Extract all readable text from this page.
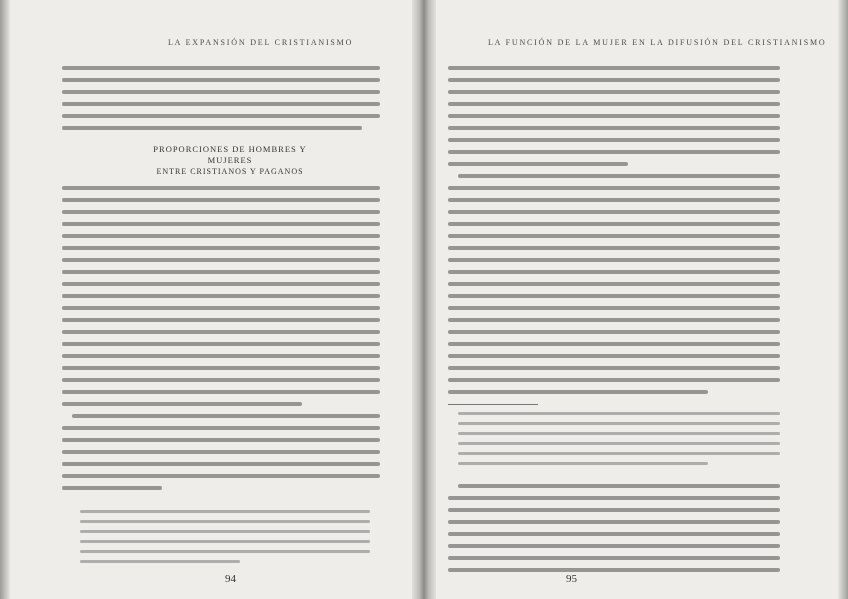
LA EXPANSIÓN DEL CRISTIANISMO
PROPORCIONES DE HOMBRES Y MUJERES
ENTRE CRISTIANOS Y PAGANOS
94
LA FUNCIÓN DE LA MUJER EN LA DIFUSIÓN DEL CRISTIANISMO
95
